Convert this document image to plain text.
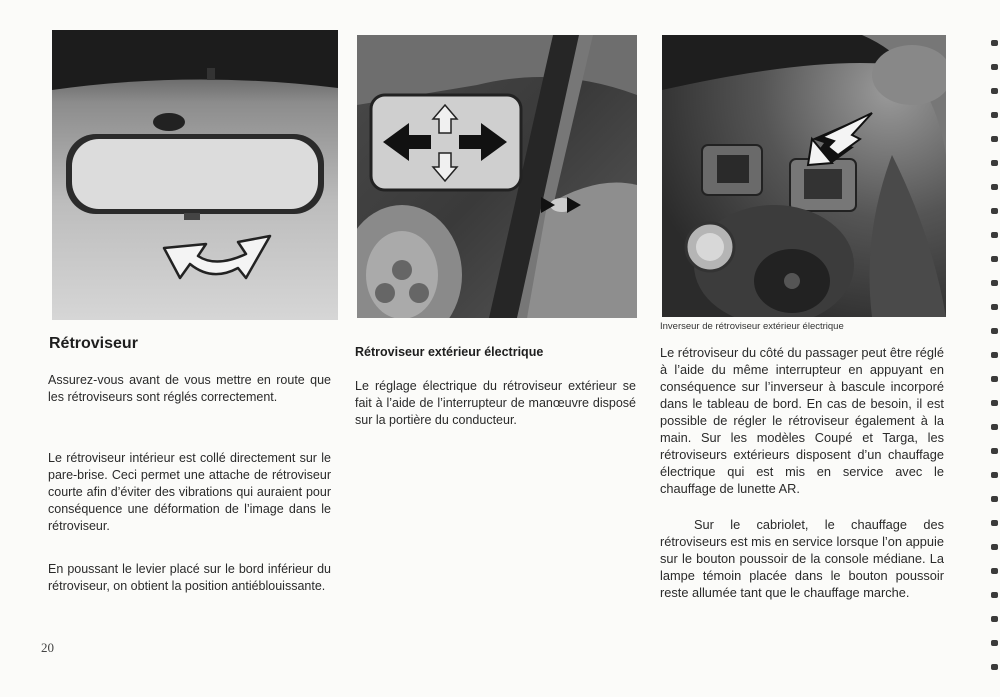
Inverseur de rétroviseur extérieur électrique
Rétroviseur

Assurez-vous avant de vous mettre en route que les rétroviseurs sont réglés correctement.

Le rétroviseur intérieur est collé directement sur le pare-brise. Ceci permet une attache de rétroviseur courte afin d’éviter des vibrations qui auraient pour conséquence une déformation de l’image dans le rétroviseur.

En poussant le levier placé sur le bord inférieur du rétroviseur, on obtient la position antiéblouissante.

Rétroviseur extérieur électrique

Le réglage électrique du rétroviseur extérieur se fait à l’aide de l’interrupteur de manœuvre disposé sur la portière du conducteur.

Le rétroviseur du côté du passager peut être réglé à l’aide du même interrupteur en appuyant en conséquence sur l’inverseur à bascule incorporé dans le tableau de bord. En cas de besoin, il est possible de régler le rétroviseur également à la main. Sur les modèles Coupé et Targa, les rétroviseurs extérieurs disposent d’un chauffage électrique qui est mis en service avec le chauffage de lunette AR.

Sur le cabriolet, le chauffage des rétroviseurs est mis en service lorsque l’on appuie sur le bouton poussoir de la console médiane. La lampe témoin placée dans le bouton poussoir reste allumée tant que le chauffage marche.

20
